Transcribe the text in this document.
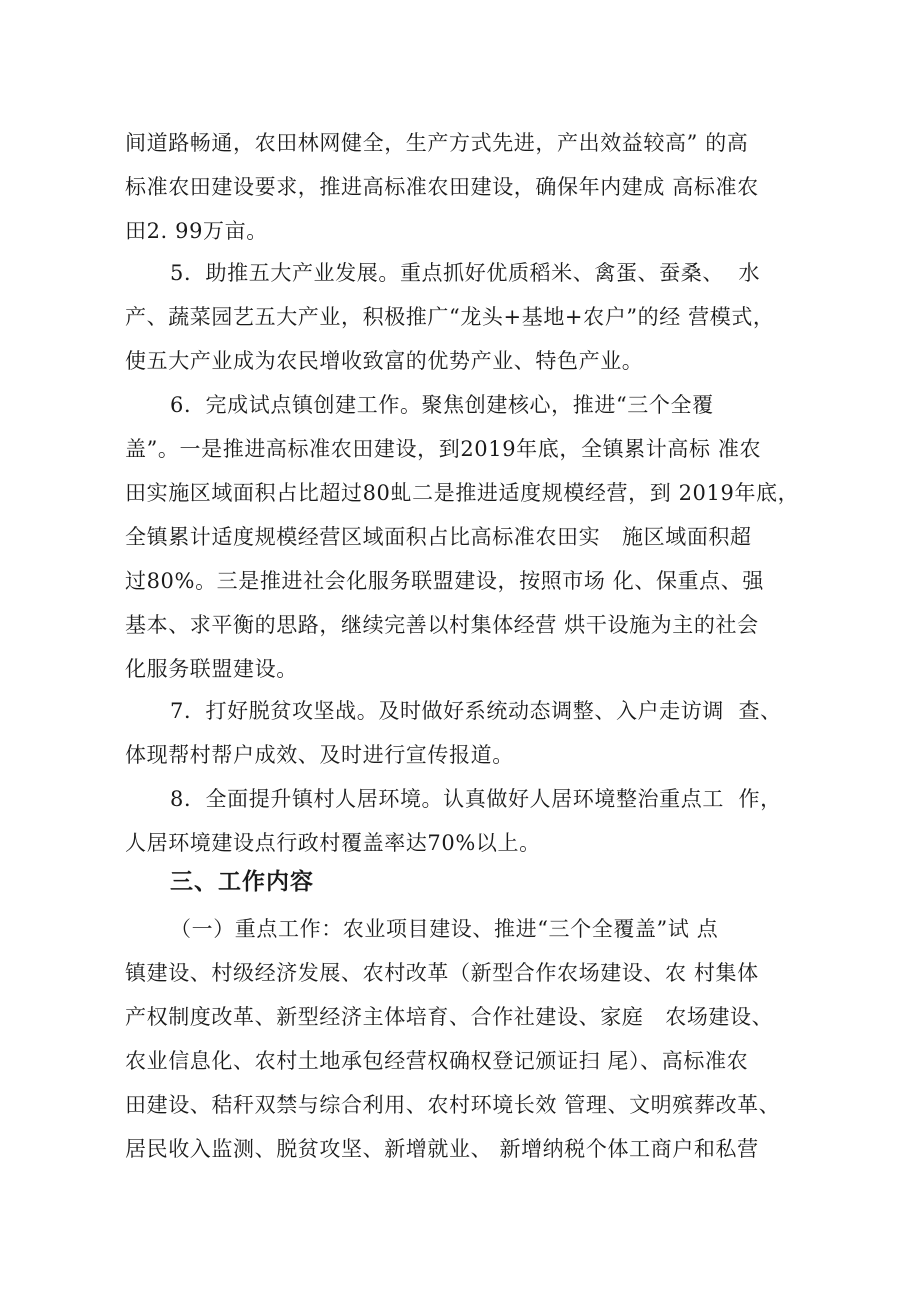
间道路畅通，农田林网健全，生产方式先进，产出效益较高” 的高
标准农田建设要求，推进高标准农田建设，确保年内建成 高标准农
田2. 99万亩。
5．助推五大产业发展。重点抓好优质稻米、禽蛋、蚕桑、  水
产、蔬菜园艺五大产业，积极推广“龙头+基地+农户”的经 营模式，
使五大产业成为农民增收致富的优势产业、特色产业。
6．完成试点镇创建工作。聚焦创建核心，推进“三个全覆
盖”。一是推进高标准农田建设，到2019年底，全镇累计高标 准农
田实施区域面积占比超过80虬二是推进适度规模经营，到 2019年底，
全镇累计适度规模经营区域面积占比高标准农田实   施区域面积超
过80%。三是推进社会化服务联盟建设，按照市场 化、保重点、强
基本、求平衡的思路，继续完善以村集体经营 烘干设施为主的社会
化服务联盟建设。
7．打好脱贫攻坚战。及时做好系统动态调整、入户走访调  查、
体现帮村帮户成效、及时进行宣传报道。
8．全面提升镇村人居环境。认真做好人居环境整治重点工  作，
人居环境建设点行政村覆盖率达70%以上。
三、工作内容
（一）重点工作：农业项目建设、推进“三个全覆盖”试 点
镇建设、村级经济发展、农村改革（新型合作农场建设、农 村集体
产权制度改革、新型经济主体培育、合作社建设、家庭   农场建设、
农业信息化、农村土地承包经营权确权登记颁证扫 尾）、高标准农
田建设、秸秆双禁与综合利用、农村环境长效 管理、文明殡葬改革、
居民收入监测、脱贫攻坚、新增就业、 新增纳税个体工商户和私营
